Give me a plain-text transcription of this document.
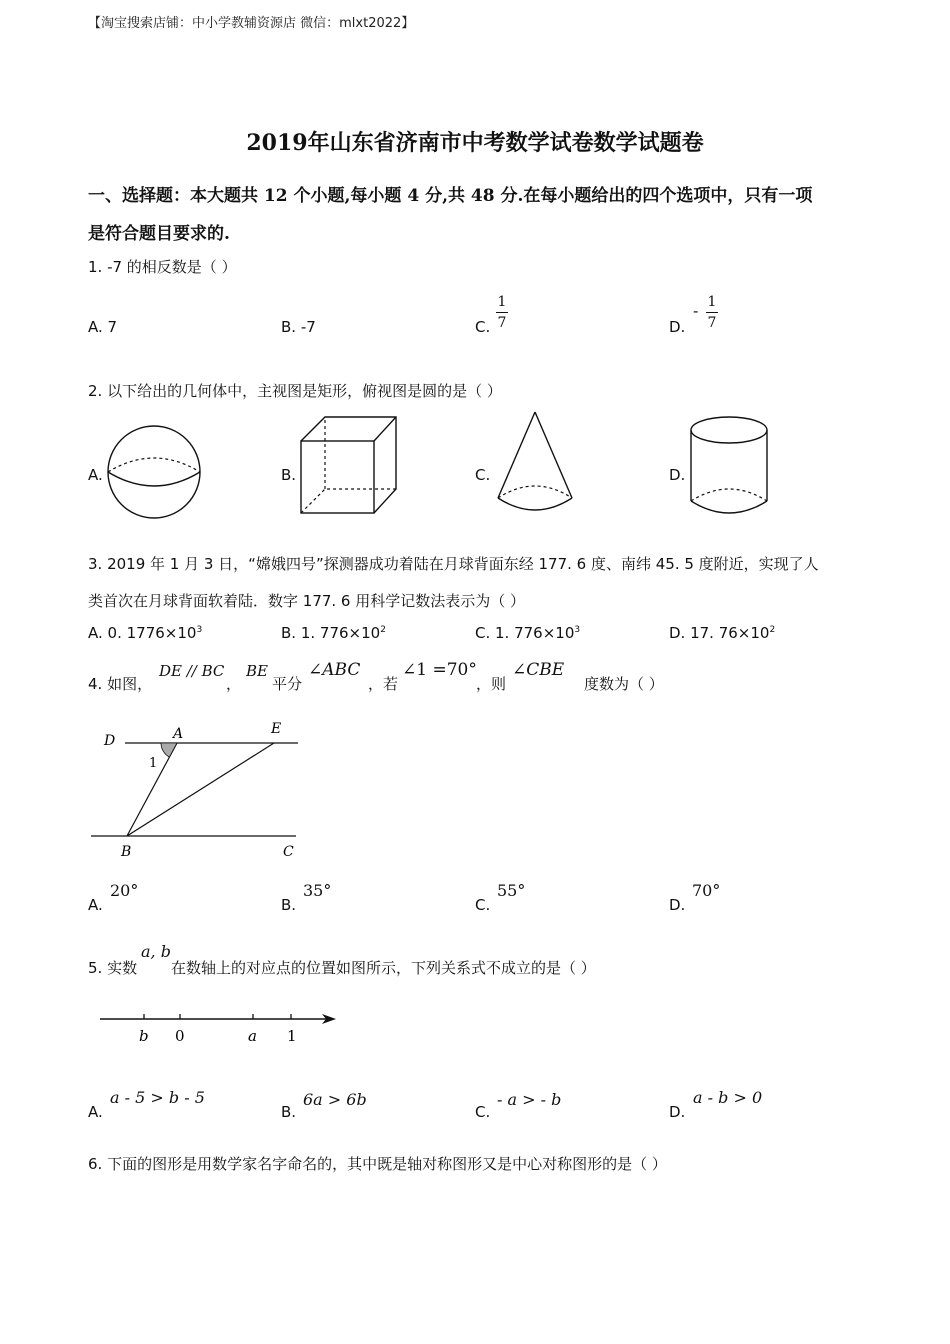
【淘宝搜索店铺：中小学教辅资源店 微信：mlxt2022】
2019年山东省济南市中考数学试卷数学试题卷
一、选择题：本大题共 12 个小题,每小题 4 分,共 48 分.在每小题给出的四个选项中，只有一项
是符合题目要求的.
1. -7 的相反数是（ ）
A. 7	B. -7	C.
1
7	D.
- 1
7
2. 以下给出的几何体中，主视图是矩形，俯视图是圆的是（ ）
A.	B.	C.	D.
3. 2019 年 1 月 3 日，“嫦娥四号”探测器成功着陆在月球背面东经 177. 6 度、南纬 45. 5 度附近，实现了人
类首次在月球背面软着陆．数字 177. 6 用科学记数法表示为（ ）
A. 0. $1776\times 10^3$	B. 1. $776\times 10^2$	C. 1. $776\times 10^3$	D. 17. $76\times 10^2$
4. 如图，
DE // BC
，
BE
平分
∠ABC
，若
∠1 =70°
，则
∠CBE
度数为（ ）
D	A	E
1
B	C
A.
20°
B.
35°
C.
55°
D.
70°
5. 实数
a, b
在数轴上的对应点的位置如图所示，下列关系式不成立的是（ ）
b 0	a 1
A.
a - 5 > b - 5
B.
6a > 6b
C.
- a > - b
D.
a - b > 0
6. 下面的图形是用数学家名字命名的，其中既是轴对称图形又是中心对称图形的是（ ）
